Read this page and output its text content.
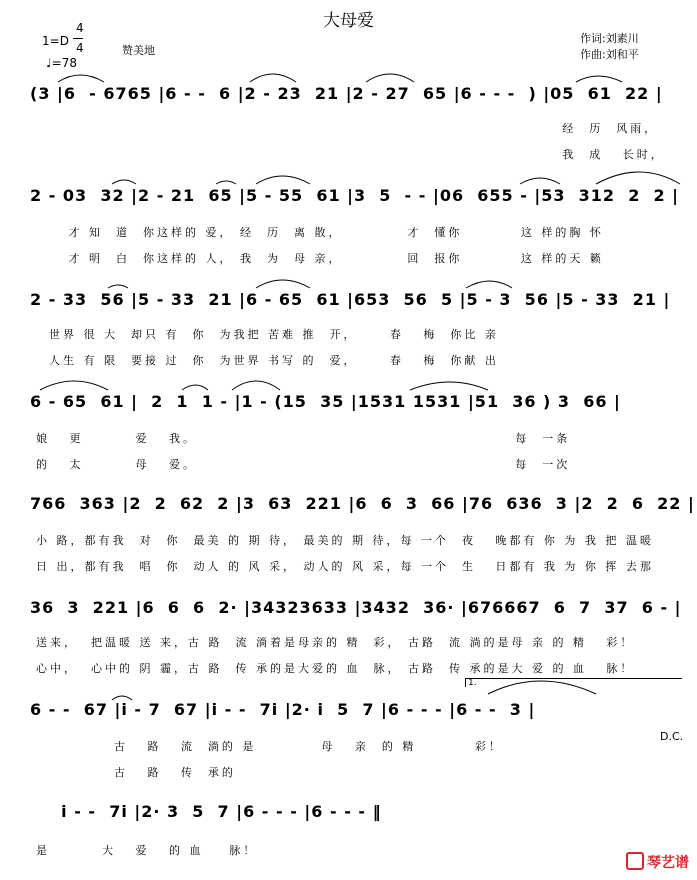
大母爱
1=D
4
4
♩=78
赞美地
作词:刘素川
作曲:刘和平
(3 |6  - 6765 |6 - -  6 |2 - 23  21 |2 - 27  65 |6 - - -  ) |05  61  22 |
经  历  风雨，
我  成   长时，
2 - 03  32 |2 - 21  65 |5 - 55  61 |3  5  - - |06  655 - |53  312  2  2 |
才 知  道  你这样的 爱， 经  历  离 散，          才  懂你         这 样的胸 怀
才 明  白  你这样的 人， 我  为  母 亲，          回  报你         这 样的天 籁
2 - 33  56 |5 - 33  21 |6 - 65  61 |653  56  5 |5 - 3  56 |5 - 33  21 |
世界 很 大  却只 有  你  为我把 苦难 推  开，     春   梅  你比 亲
人生 有 限  要接 过  你  为世界 书写 的  爱，     春   梅  你献 出
6 - 65  61 |  2  1  1 - |1 - (15  35 |1531 1531 |51  36 ) 3  66 |
娘   更        爱   我。                                                 每  一条
的   太        母   爱。                                                 每  一次
766  363 |2  2  62  2 |3  63  221 |6  6  3  66 |76  636  3 |2  2  6  22 |
小 路，都有我  对  你  最美 的 期 待， 最美的 期 待，每 一个  夜   晚都有 你 为 我 把 温暖
日 出，都有我  唱  你  动人 的 风 采， 动人的 风 采，每 一个  生   日都有 我 为 你 挥 去那
36  3  221 |6  6  6  2· |34323633 |3432  36· |676667  6  7  37  6 - |
送来，  把温暖 送 来，古 路  流 淌着是母亲的 精  彩， 古路  流 淌的是母 亲 的 精   彩！
心中，  心中的 阴 霾，古 路  传 承的是大爱的 血  脉， 古路  传 承的是大 爱 的 血   脉！
6 - -  67 |i - 7  67 |i - -  7i |2· i  5  7 |6 - - - |6 - -  3 |
古   路   流  淌的 是          母   亲  的 精         彩！
古   路   传  承的
1.
D.C.
i - -  7i |2· 3  5  7 |6 - - - |6 - - - ‖
是        大   爱   的 血    脉！
琴艺谱
